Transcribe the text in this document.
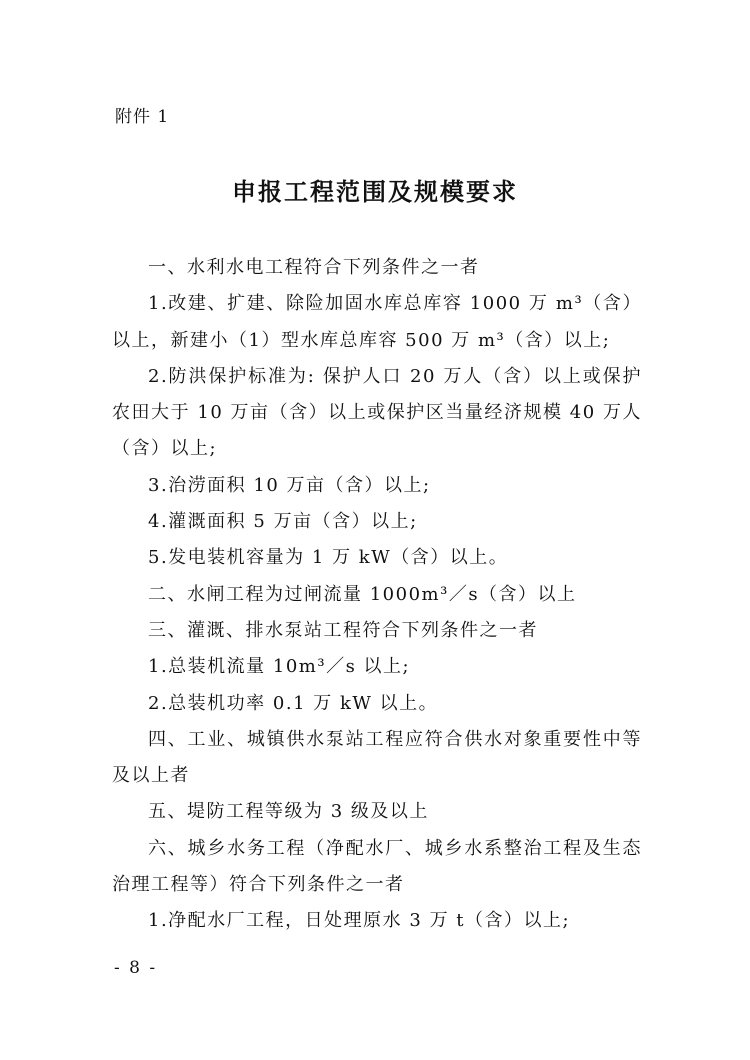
附件 1
申报工程范围及规模要求

一、水利水电工程符合下列条件之一者

1.改建、扩建、除险加固水库总库容 1000 万 m³（含）以上，新建小（1）型水库总库容 500 万 m³（含）以上;

2.防洪保护标准为: 保护人口 20 万人（含）以上或保护农田大于 10 万亩（含）以上或保护区当量经济规模 40 万人（含）以上;

3.治涝面积 10 万亩（含）以上;

4.灌溉面积 5 万亩（含）以上;

5.发电装机容量为 1 万 kW（含）以上。

二、水闸工程为过闸流量 1000m³／s（含）以上

三、灌溉、排水泵站工程符合下列条件之一者

1.总装机流量 10m³／s 以上;

2.总装机功率 0.1 万 kW 以上。

四、工业、城镇供水泵站工程应符合供水对象重要性中等及以上者

五、堤防工程等级为 3 级及以上

六、城乡水务工程（净配水厂、城乡水系整治工程及生态治理工程等）符合下列条件之一者

1.净配水厂工程，日处理原水 3 万 t（含）以上;

- 8 -
